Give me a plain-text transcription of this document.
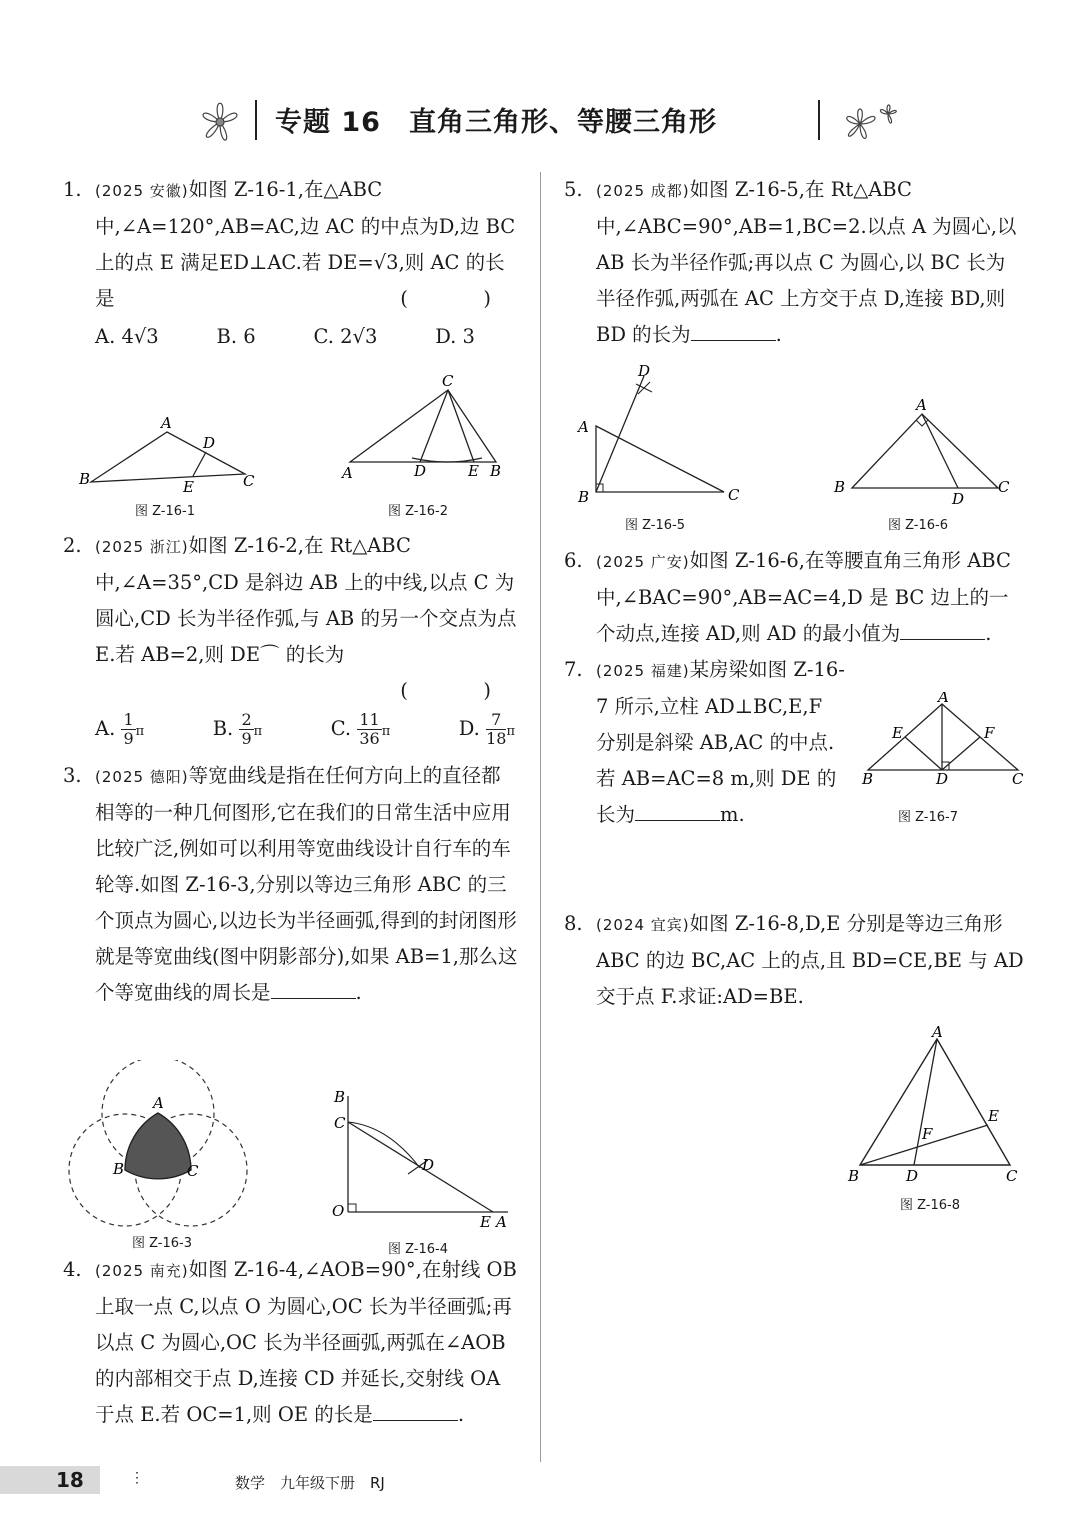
专题 16　直角三角形、等腰三角形
1. (2025 安徽)如图 Z-16-1,在△ABC 中,∠A=120°,AB=AC,边 AC 的中点为D,边 BC 上的点 E 满足ED⊥AC.若 DE=√3,则 AC 的长是	(　)
A. 4√3	B. 6	C. 2√3	D. 3
A
B	C
D
E
图 Z-16-1
A	B
C
D	E
图 Z-16-2
2. (2025 浙江)如图 Z-16-2,在 Rt△ABC 中,∠A=35°,CD 是斜边 AB 上的中线,以点 C 为圆心,CD 长为半径作弧,与 AB 的另一个交点为点 E.若 AB=2,则 DE⌒ 的长为
(　)
A. $\frac{1}{9}$ π	B. $\frac{2}{9}$ π	C. $\frac{11}{36}$ π	D. $\frac{7}{18}$ π
3. (2025 德阳)等宽曲线是指在任何方向上的直径都相等的一种几何图形,它在我们的日常生活中应用比较广泛,例如可以利用等宽曲线设计自行车的车轮等.如图 Z-16-3,分别以等边三角形 ABC 的三个顶点为圆心,以边长为半径画弧,得到的封闭图形就是等宽曲线(图中阴影部分),如果 AB=1,那么这个等宽曲线的周长是	.
A
B	C
图 Z-16-3
B
C
D
O
E A
图 Z-16-4
4. (2025 南充)如图 Z-16-4,∠AOB=90°,在射线 OB 上取一点 C,以点 O 为圆心,OC 长为半径画弧;再以点 C 为圆心,OC 长为半径画弧,两弧在∠AOB 的内部相交于点 D,连接 CD 并延长,交射线 OA 于点 E.若 OC=1,则 OE 的长是	.
5. (2025 成都)如图 Z-16-5,在 Rt△ABC 中,∠ABC=90°,AB=1,BC=2.以点 A 为圆心,以 AB 长为半径作弧;再以点 C 为圆心,以 BC 长为半径作弧,两弧在 AC 上方交于点 D,连接 BD,则 BD 的长为	.
A
B	C
D
图 Z-16-5
A
B	C
D
图 Z-16-6
6. (2025 广安)如图 Z-16-6,在等腰直角三角形 ABC 中,∠BAC=90°,AB=AC=4,D 是 BC 边上的一个动点,连接 AD,则 AD 的最小值为	.
7. (2025 福建)某房梁如图 Z-16-7 所示,立柱 AD⊥BC,E,F 分别是斜梁 AB,AC 的中点.若 AB=AC=8 m,则 DE 的长为	m.
A
B	C
D
E	F
图 Z-16-7
8. (2024 宜宾)如图 Z-16-8,D,E 分别是等边三角形 ABC 的边 BC,AC 上的点,且 BD=CE,BE 与 AD 交于点 F.求证:AD=BE.
A
B	C
D
E
F
图 Z-16-8
18	⋮	数学　九年级下册　RJ
